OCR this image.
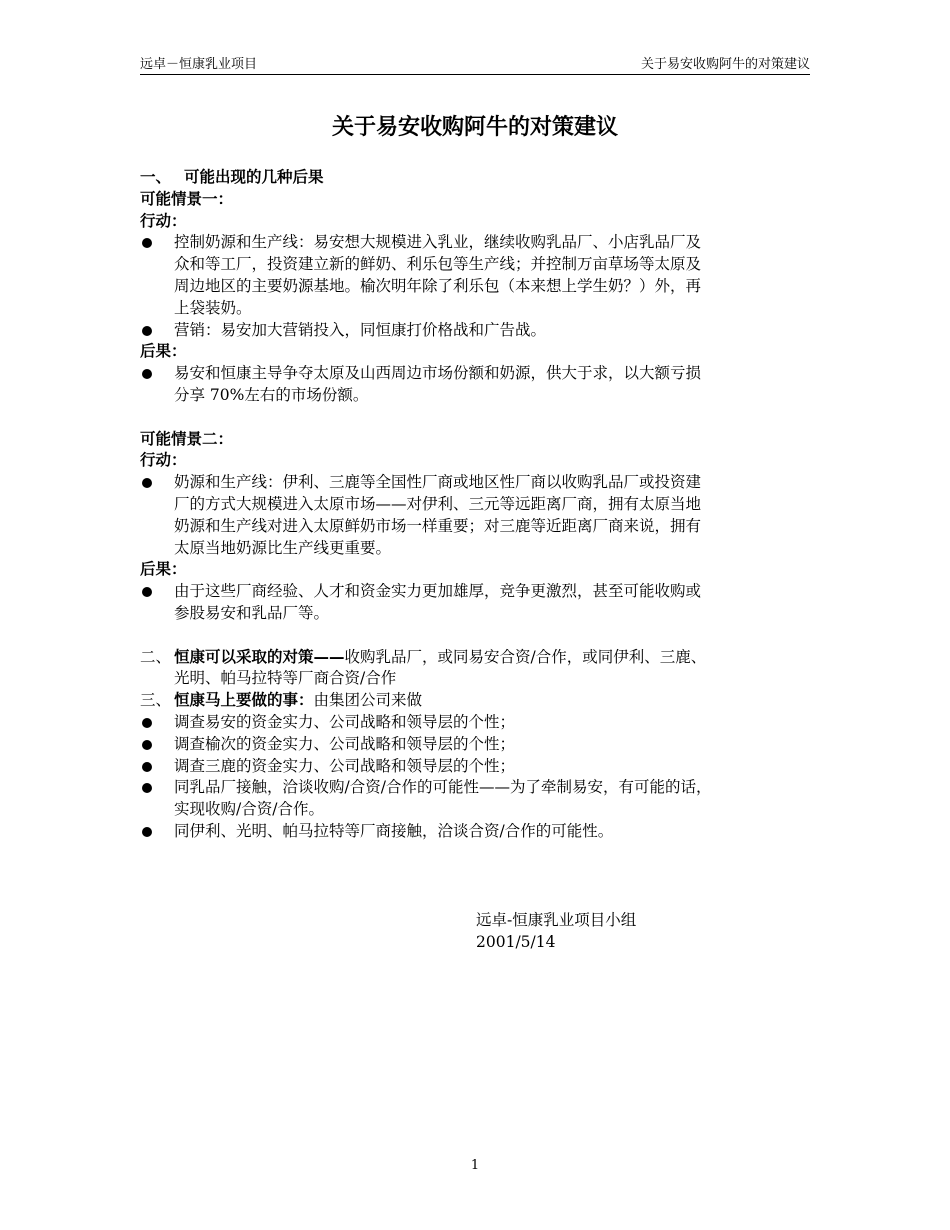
远卓－恒康乳业项目	关于易安收购阿牛的对策建议
关于易安收购阿牛的对策建议
一、 可能出现的几种后果
可能情景一：
行动：
控制奶源和生产线：易安想大规模进入乳业，继续收购乳品厂、小店乳品厂及
众和等工厂，投资建立新的鲜奶、利乐包等生产线；并控制万亩草场等太原及
周边地区的主要奶源基地。榆次明年除了利乐包（本来想上学生奶？）外，再
上袋装奶。
营销：易安加大营销投入，同恒康打价格战和广告战。
后果：
易安和恒康主导争夺太原及山西周边市场份额和奶源，供大于求，以大额亏损
分享 70%左右的市场份额。
可能情景二：
行动：
奶源和生产线：伊利、三鹿等全国性厂商或地区性厂商以收购乳品厂或投资建
厂的方式大规模进入太原市场——对伊利、三元等远距离厂商，拥有太原当地
奶源和生产线对进入太原鲜奶市场一样重要；对三鹿等近距离厂商来说，拥有
太原当地奶源比生产线更重要。
后果：
由于这些厂商经验、人才和资金实力更加雄厚，竞争更激烈，甚至可能收购或
参股易安和乳品厂等。
二、 恒康可以采取的对策——收购乳品厂，或同易安合资/合作，或同伊利、三鹿、
光明、帕马拉特等厂商合资/合作
三、 恒康马上要做的事：由集团公司来做
调查易安的资金实力、公司战略和领导层的个性；
调查榆次的资金实力、公司战略和领导层的个性；
调查三鹿的资金实力、公司战略和领导层的个性；
同乳品厂接触，洽谈收购/合资/合作的可能性——为了牵制易安，有可能的话，
实现收购/合资/合作。
同伊利、光明、帕马拉特等厂商接触，洽谈合资/合作的可能性。
远卓-恒康乳业项目小组
2001/5/14
1
